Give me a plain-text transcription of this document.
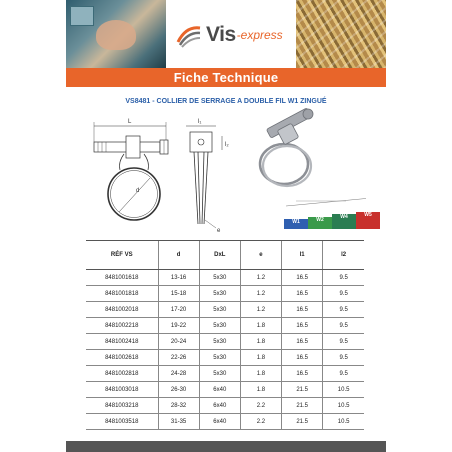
Vis - express
Fiche Technique
VS8481 - COLLIER DE SERRAGE A DOUBLE FIL W1 ZINGUÉ
L
d
l₁
l₂
e
W1	W2	W4	W5
RÉF VS	d	DxL	e	l1	l2
8481001618	13-16	5x30	1.2	16.5	9.5
8481001818	15-18	5x30	1.2	16.5	9.5
8481002018	17-20	5x30	1.2	16.5	9.5
8481002218	19-22	5x30	1.8	16.5	9.5
8481002418	20-24	5x30	1.8	16.5	9.5
8481002618	22-26	5x30	1.8	16.5	9.5
8481002818	24-28	5x30	1.8	16.5	9.5
8481003018	26-30	6x40	1.8	21.5	10.5
8481003218	28-32	6x40	2.2	21.5	10.5
8481003518	31-35	6x40	2.2	21.5	10.5
